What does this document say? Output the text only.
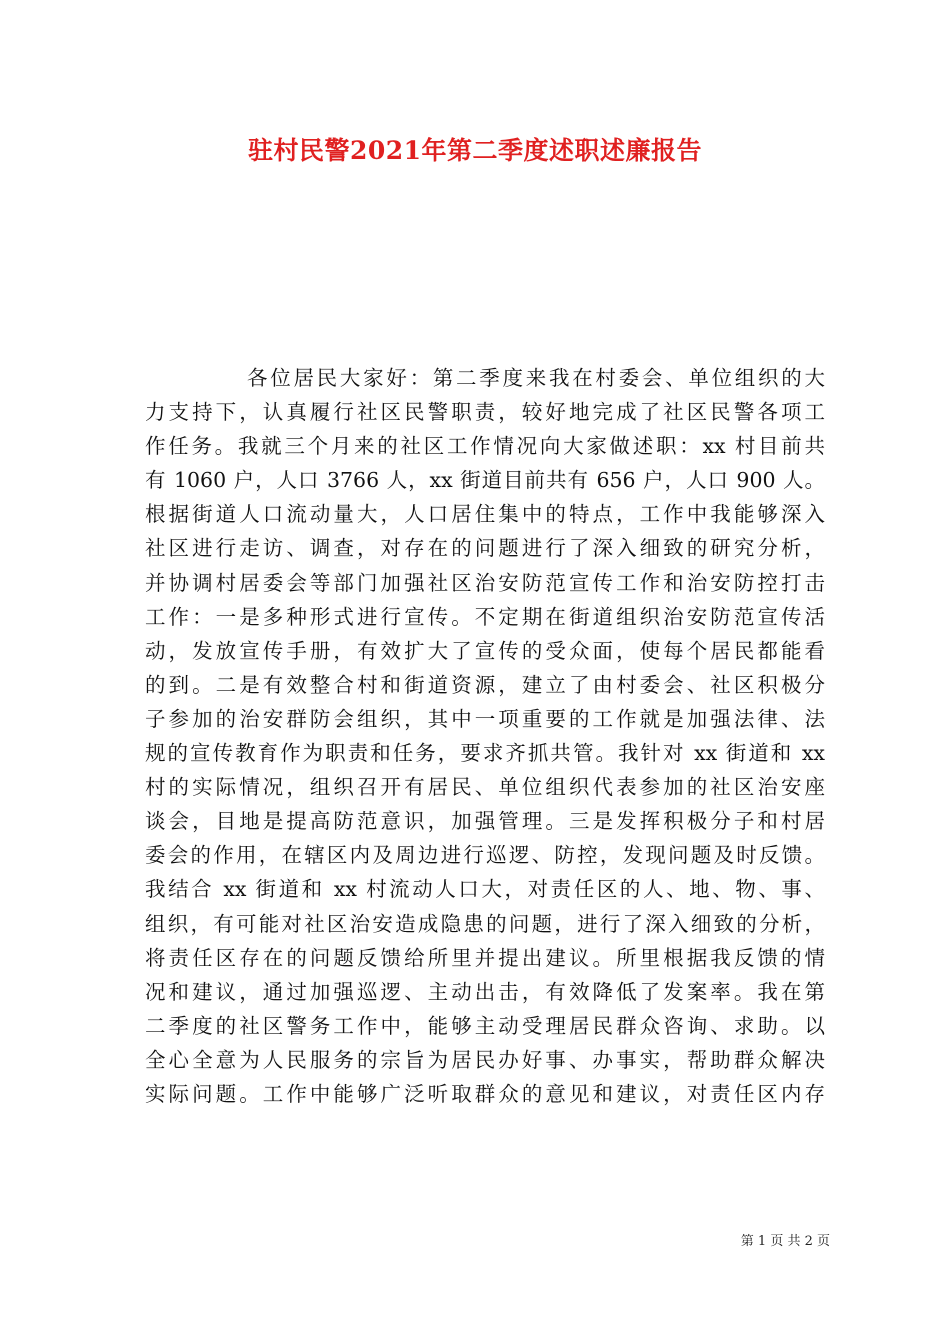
驻村民警2021年第二季度述职述廉报告
各位居民大家好：第二季度来我在村委会、单位组织的大
力支持下，认真履行社区民警职责，较好地完成了社区民警各项工
作任务。我就三个月来的社区工作情况向大家做述职：xx 村目前共
有 1060 户，人口 3766 人，xx 街道目前共有 656 户，人口 900 人。
根据街道人口流动量大，人口居住集中的特点，工作中我能够深入
社区进行走访、调查，对存在的问题进行了深入细致的研究分析，
并协调村居委会等部门加强社区治安防范宣传工作和治安防控打击
工作：一是多种形式进行宣传。不定期在街道组织治安防范宣传活
动，发放宣传手册，有效扩大了宣传的受众面，使每个居民都能看
的到。二是有效整合村和街道资源，建立了由村委会、社区积极分
子参加的治安群防会组织，其中一项重要的工作就是加强法律、法
规的宣传教育作为职责和任务，要求齐抓共管。我针对 xx 街道和 xx
村的实际情况，组织召开有居民、单位组织代表参加的社区治安座
谈会，目地是提高防范意识，加强管理。三是发挥积极分子和村居
委会的作用，在辖区内及周边进行巡逻、防控，发现问题及时反馈。
我结合 xx 街道和 xx 村流动人口大，对责任区的人、地、物、事、
组织，有可能对社区治安造成隐患的问题，进行了深入细致的分析，
将责任区存在的问题反馈给所里并提出建议。所里根据我反馈的情
况和建议，通过加强巡逻、主动出击，有效降低了发案率。我在第
二季度的社区警务工作中，能够主动受理居民群众咨询、求助。以
全心全意为人民服务的宗旨为居民办好事、办事实，帮助群众解决
实际问题。工作中能够广泛听取群众的意见和建议，对责任区内存
第 1 页 共 2 页
